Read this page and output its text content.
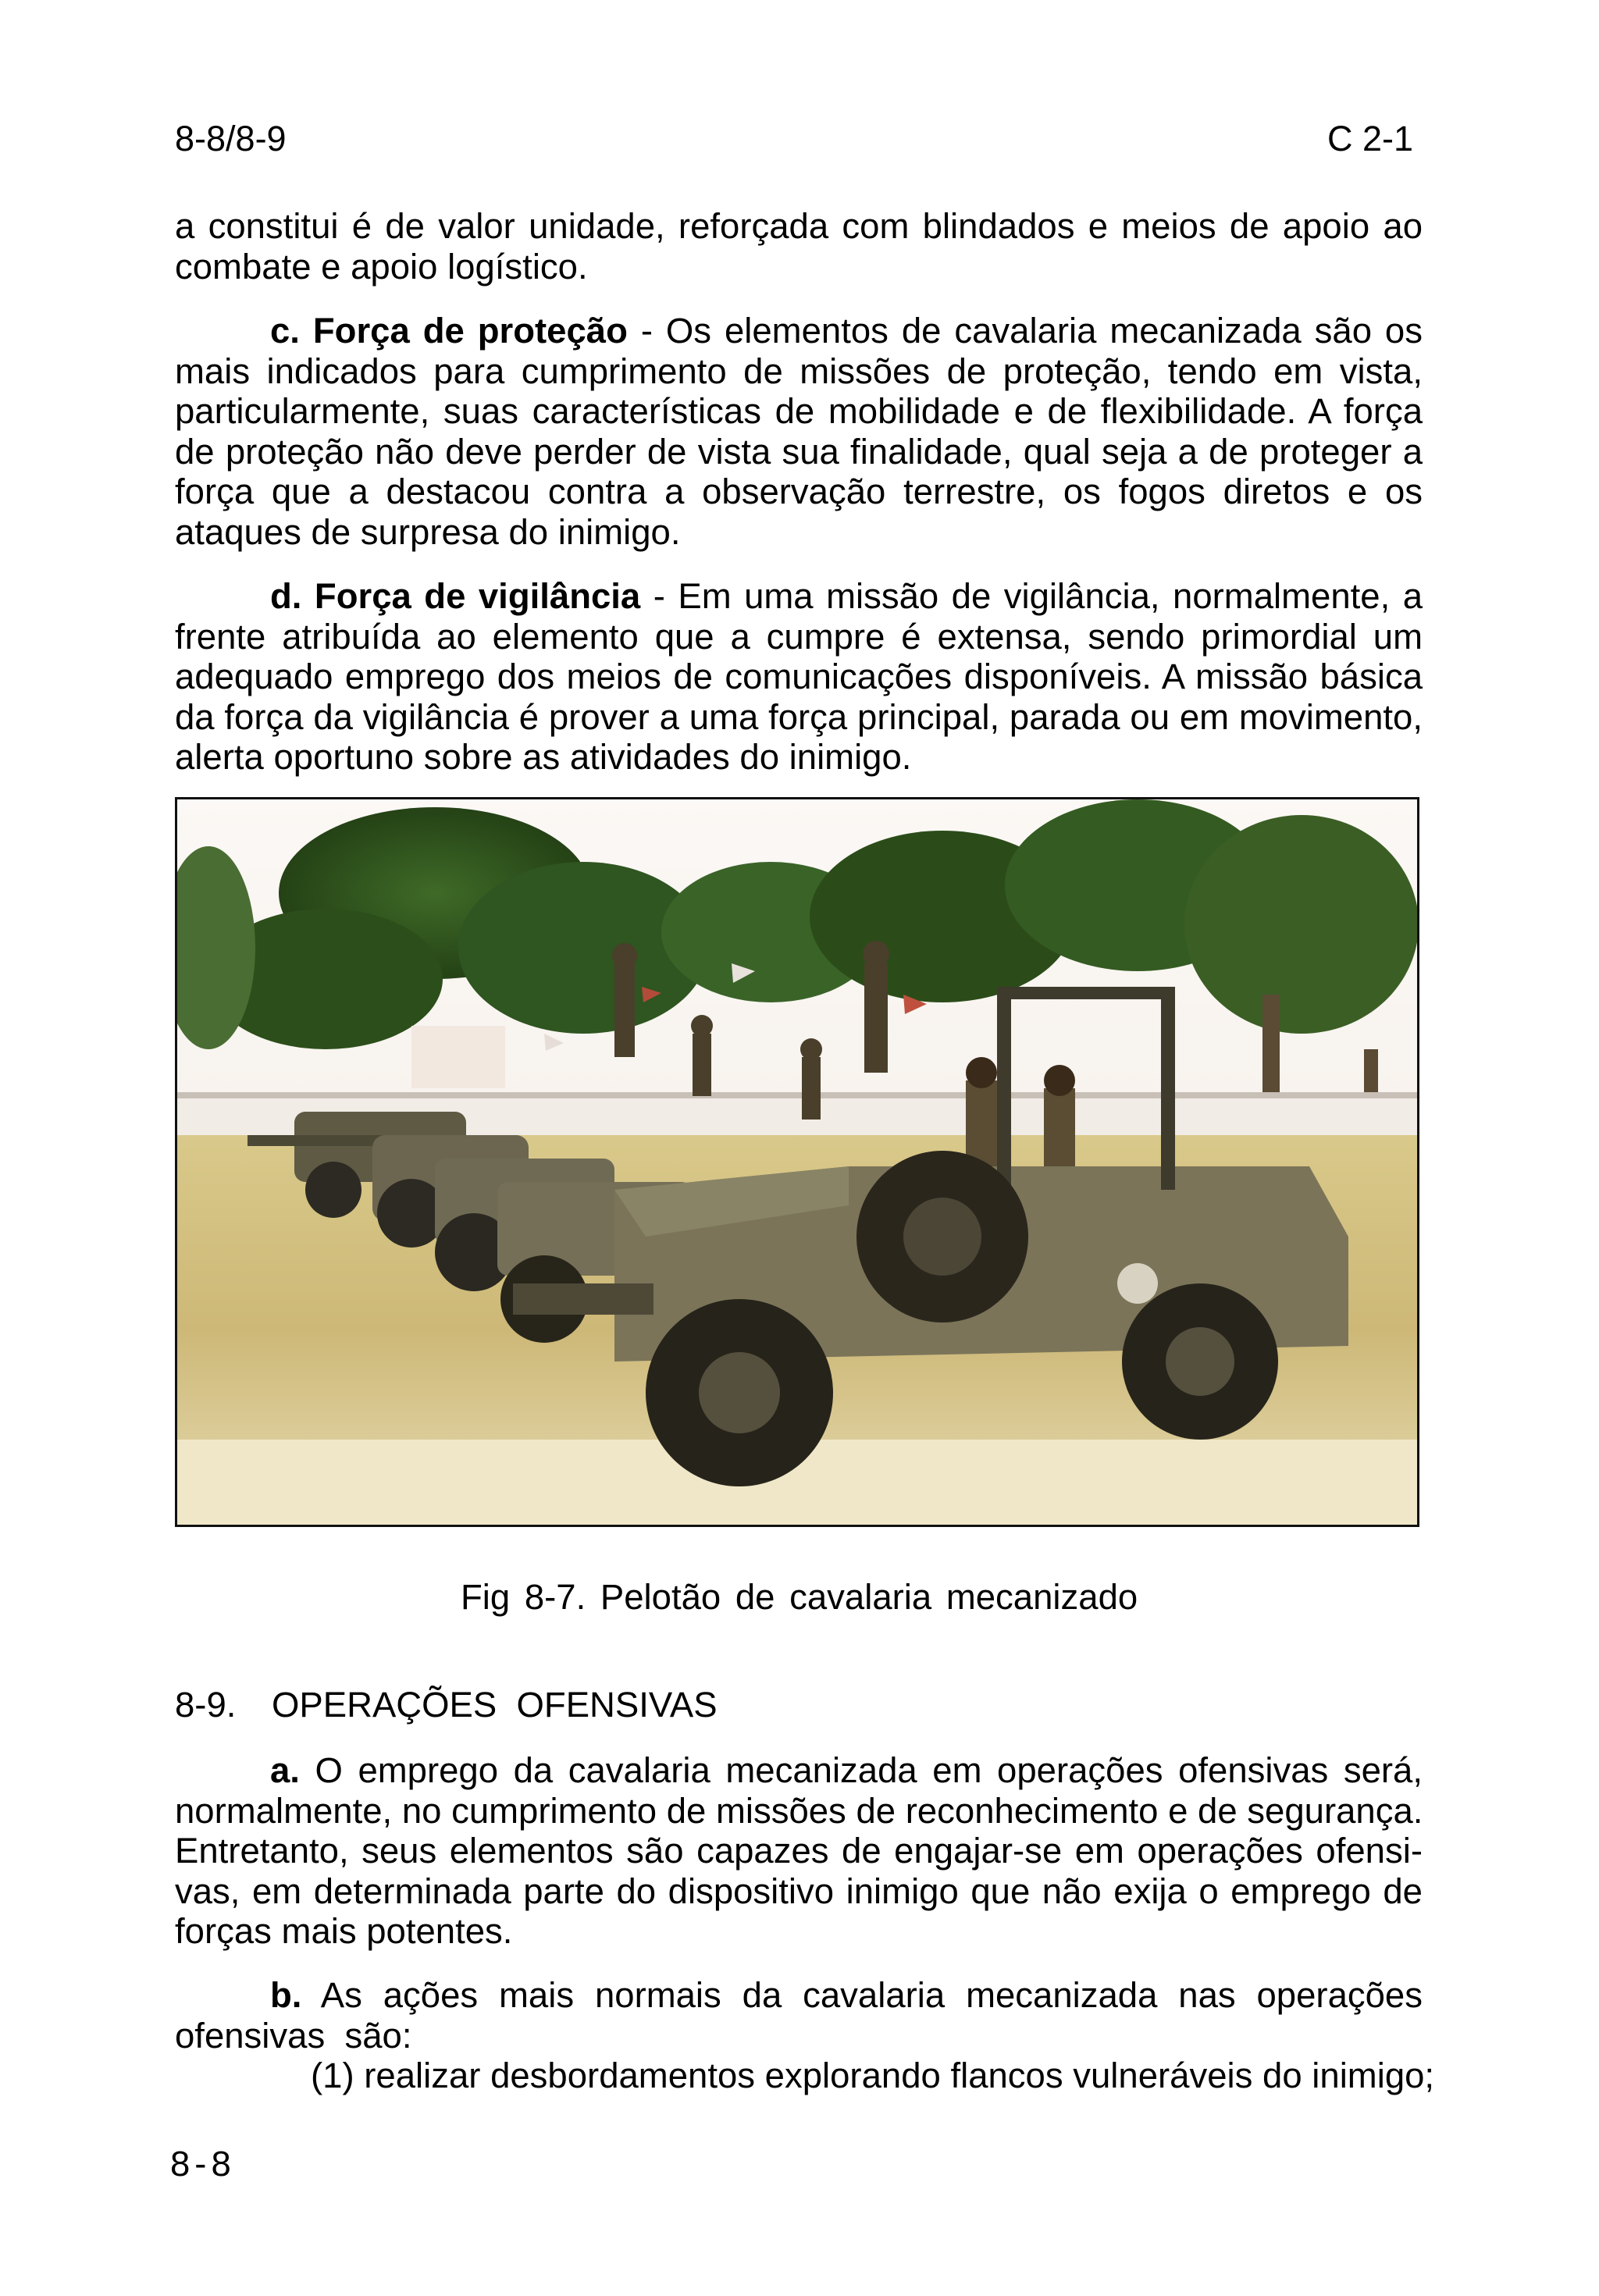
8-8/8-9	C 2-1
a constitui é de valor unidade, reforçada com blindados e meios de apoio ao
combate e apoio logístico.
c. Força de proteção - Os elementos de cavalaria mecanizada são os
mais indicados para cumprimento de missões de proteção, tendo em vista,
particularmente, suas características de mobilidade e de flexibilidade. A força
de proteção não deve perder de vista sua finalidade, qual seja a de proteger a
força que a destacou contra a observação terrestre, os fogos diretos e os
ataques de surpresa do inimigo.
d. Força de vigilância - Em uma missão de vigilância, normalmente, a
frente atribuída ao elemento que a cumpre é extensa, sendo primordial um
adequado emprego dos meios de comunicações disponíveis. A missão básica
da força da vigilância é prover a uma força principal, parada ou em movimento,
alerta oportuno sobre as atividades do inimigo.
Fig 8-7. Pelotão de cavalaria mecanizado
8-9. OPERAÇÕES  OFENSIVAS
a. O emprego da cavalaria mecanizada em operações ofensivas será,
normalmente, no cumprimento de missões de reconhecimento e de segurança.
Entretanto, seus elementos são capazes de engajar-se em operações ofensi-
vas, em determinada parte do dispositivo inimigo que não exija o emprego de
forças mais potentes.
b. As ações mais normais da cavalaria mecanizada nas operações
ofensivas  são:
(1) realizar desbordamentos explorando flancos vulneráveis do inimigo;
8-8
